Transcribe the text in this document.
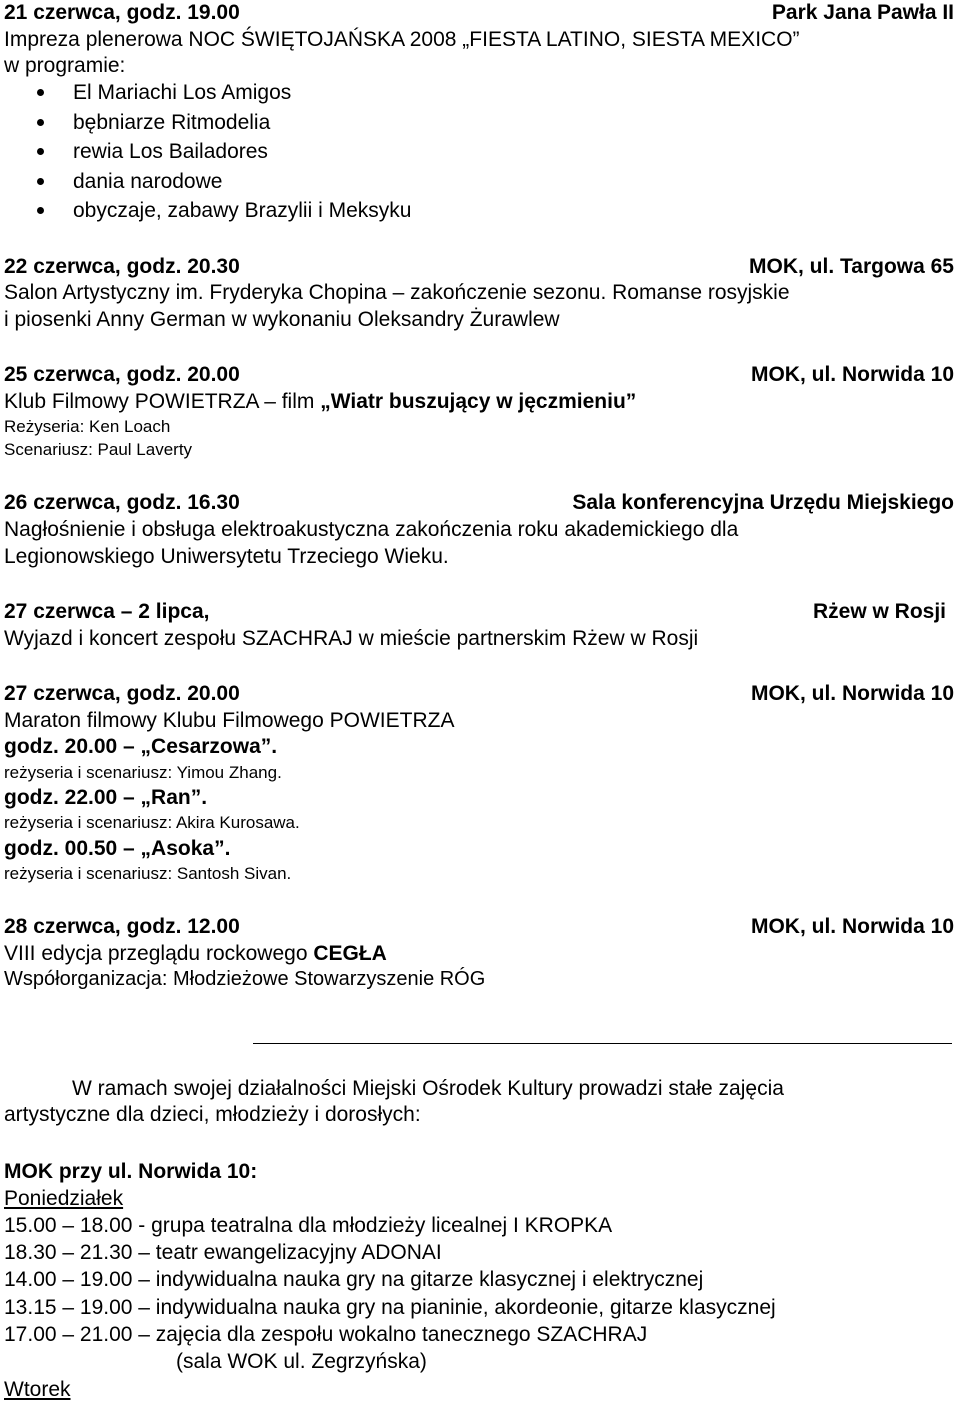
21 czerwca, godz. 19.00	Park Jana Pawła II
Impreza plenerowa NOC ŚWIĘTOJAŃSKA 2008 „FIESTA LATINO, SIESTA MEXICO”
w programie:
El Mariachi Los Amigos
bębniarze Ritmodelia
rewia Los Bailadores
dania narodowe
obyczaje, zabawy Brazylii i Meksyku
22 czerwca, godz. 20.30	MOK, ul. Targowa 65
Salon Artystyczny im. Fryderyka Chopina – zakończenie sezonu. Romanse rosyjskie
i piosenki Anny German w wykonaniu Oleksandry Żurawlew
25 czerwca, godz. 20.00	MOK, ul. Norwida 10
Klub Filmowy POWIETRZA – film „Wiatr buszujący w jęczmieniu”
Reżyseria: Ken Loach
Scenariusz: Paul Laverty
26 czerwca, godz. 16.30	Sala konferencyjna Urzędu Miejskiego
Nagłośnienie i obsługa elektroakustyczna zakończenia roku akademickiego dla
Legionowskiego Uniwersytetu Trzeciego Wieku.
27 czerwca – 2 lipca,	Rżew w Rosji
Wyjazd i koncert zespołu SZACHRAJ w mieście partnerskim Rżew w Rosji
27 czerwca, godz. 20.00	MOK, ul. Norwida 10
Maraton filmowy Klubu Filmowego POWIETRZA
godz. 20.00 – „Cesarzowa”.
reżyseria i scenariusz: Yimou Zhang.
godz. 22.00 – „Ran”.
reżyseria i scenariusz: Akira Kurosawa.
godz. 00.50 – „Asoka”.
reżyseria i scenariusz: Santosh Sivan.
28 czerwca, godz. 12.00	MOK, ul. Norwida 10
VIII edycja przeglądu rockowego CEGŁA
Współorganizacja: Młodzieżowe Stowarzyszenie RÓG
W ramach swojej działalności Miejski Ośrodek Kultury prowadzi stałe zajęcia
artystyczne dla dzieci, młodzieży i dorosłych:
MOK przy ul. Norwida 10:
Poniedziałek
15.00 – 18.00 - grupa teatralna dla młodzieży licealnej I KROPKA
18.30 – 21.30 – teatr ewangelizacyjny ADONAI
14.00 – 19.00 – indywidualna nauka gry na gitarze klasycznej i elektrycznej
13.15 – 19.00 – indywidualna nauka gry na pianinie, akordeonie, gitarze klasycznej
17.00 – 21.00 – zajęcia dla zespołu wokalno tanecznego SZACHRAJ
(sala WOK ul. Zegrzyńska)
Wtorek
